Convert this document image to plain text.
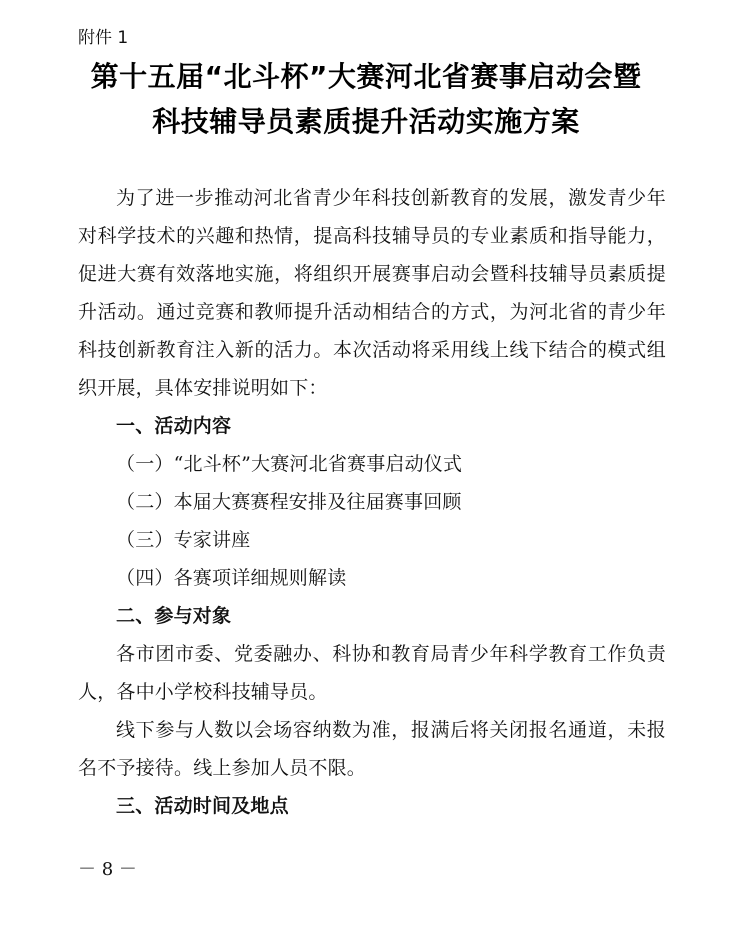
附件 1
第十五届“北斗杯”大赛河北省赛事启动会暨
科技辅导员素质提升活动实施方案

为了进一步推动河北省青少年科技创新教育的发展，激发青少年对科学技术的兴趣和热情，提高科技辅导员的专业素质和指导能力，促进大赛有效落地实施，将组织开展赛事启动会暨科技辅导员素质提升活动。通过竞赛和教师提升活动相结合的方式，为河北省的青少年科技创新教育注入新的活力。本次活动将采用线上线下结合的模式组织开展，具体安排说明如下：

一、活动内容

（一）“北斗杯”大赛河北省赛事启动仪式

（二）本届大赛赛程安排及往届赛事回顾

（三）专家讲座

（四）各赛项详细规则解读

二、参与对象

各市团市委、党委融办、科协和教育局青少年科学教育工作负责人，各中小学校科技辅导员。

线下参与人数以会场容纳数为准，报满后将关闭报名通道，未报名不予接待。线上参加人员不限。

三、活动时间及地点

－ 8 －
